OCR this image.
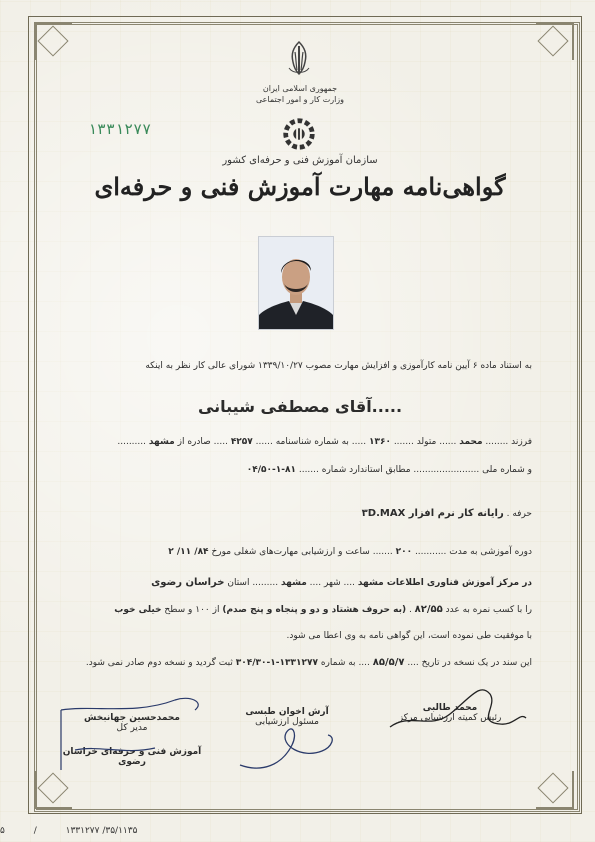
جمهوری اسلامی ایران
وزارت کار و امور اجتماعی
۱۳۳۱۲۷۷
سازمان آموزش فنی و حرفه‌ای کشور
گواهی‌نامه مهارت آموزش فنی و حرفه‌ای
به استناد ماده ۶ آیین نامه کارآموزی و افزایش مهارت مصوب ۱۳۳۹/۱۰/۲۷ شورای عالی کار نظر به اینکه
.....آقای مصطفی شیبانی
فرزند ........ محمد ...... متولد ....... ۱۳۶۰ ..... به شماره شناسنامه ...... ۴۲۵۷ ..... صادره از مشهد ..........
و شماره ملی ....................... مطابق استاندارد شماره ....... ۸۱-۱-۰۴/۵۰
حرفه . رایانه کار نرم افزار ۳D.MAX
دوره آموزشی به مدت ........... ۲۰۰ ....... ساعت و ارزشیابی مهارت‌های شغلی مورخ ۸۴/ ۱۱/ ۲
در مرکز آموزش فناوری اطلاعات مشهد .... شهر .... مشهد ......... استان خراسان رضوی
را با کسب نمره به عدد ۸۲/۵۵ . (به حروف هشتاد و دو و پنجاه و پنج صدم) از ۱۰۰ و سطح خیلی خوب
با موفقیت طی نموده است، این گواهی نامه به وی اعطا می شود.
این سند در یک نسخه در تاریخ .... ۸۵/۵/۷ .... به شماره ۱۳۳۱۲۷۷-۱-۳۰۴/۳۰ ثبت گردید و نسخه دوم صادر نمی شود.
محمد طالبی
رئیس کمیته ارزشیابی مرکز
آرش اخوان طبسی
مسئول ارزشیابی
محمدحسین جهانبخش
مدیر کل
آموزش فنی و حرفه‌ای خراسان رضوی
۳۵/۱۱۳۵/ ۱۳۳۱۲۷۷ / ۵
